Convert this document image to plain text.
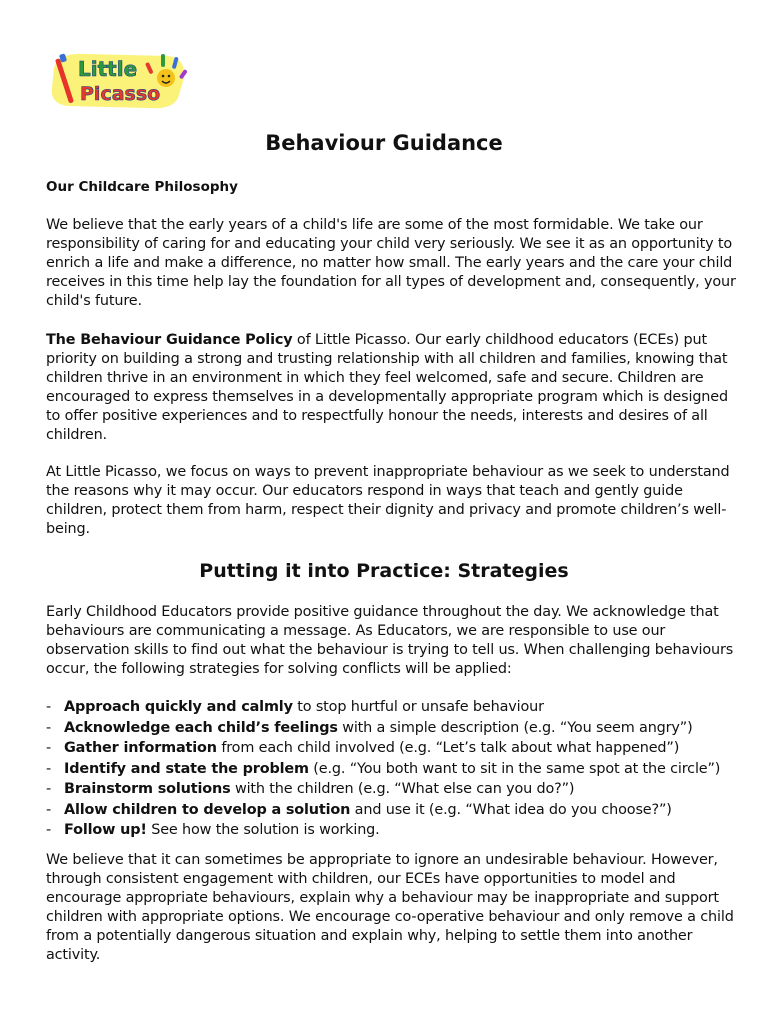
Little
Picasso
Behaviour Guidance

Our Childcare Philosophy

We believe that the early years of a child's life are some of the most formidable. We take our responsibility of caring for and educating your child very seriously. We see it as an opportunity to enrich a life and make a difference, no matter how small. The early years and the care your child receives in this time help lay the foundation for all types of development and, consequently, your child's future.

The Behaviour Guidance Policy of Little Picasso. Our early childhood educators (ECEs) put priority on building a strong and trusting relationship with all children and families, knowing that children thrive in an environment in which they feel welcomed, safe and secure. Children are encouraged to express themselves in a developmentally appropriate program which is designed to offer positive experiences and to respectfully honour the needs, interests and desires of all children.

At Little Picasso, we focus on ways to prevent inappropriate behaviour as we seek to understand the reasons why it may occur. Our educators respond in ways that teach and gently guide children, protect them from harm, respect their dignity and privacy and promote children’s well-being.

Putting it into Practice: Strategies

Early Childhood Educators provide positive guidance throughout the day. We acknowledge that behaviours are communicating a message. As Educators, we are responsible to use our observation skills to find out what the behaviour is trying to tell us. When challenging behaviours occur, the following strategies for solving conflicts will be applied:

- Approach quickly and calmly to stop hurtful or unsafe behaviour
- Acknowledge each child’s feelings with a simple description (e.g. “You seem angry”)
- Gather information from each child involved (e.g. “Let’s talk about what happened”)
- Identify and state the problem (e.g. “You both want to sit in the same spot at the circle”)
- Brainstorm solutions with the children (e.g. “What else can you do?”)
- Allow children to develop a solution and use it (e.g. “What idea do you choose?”)
- Follow up! See how the solution is working.

We believe that it can sometimes be appropriate to ignore an undesirable behaviour. However, through consistent engagement with children, our ECEs have opportunities to model and encourage appropriate behaviours, explain why a behaviour may be inappropriate and support children with appropriate options. We encourage co-operative behaviour and only remove a child from a potentially dangerous situation and explain why, helping to settle them into another activity.
